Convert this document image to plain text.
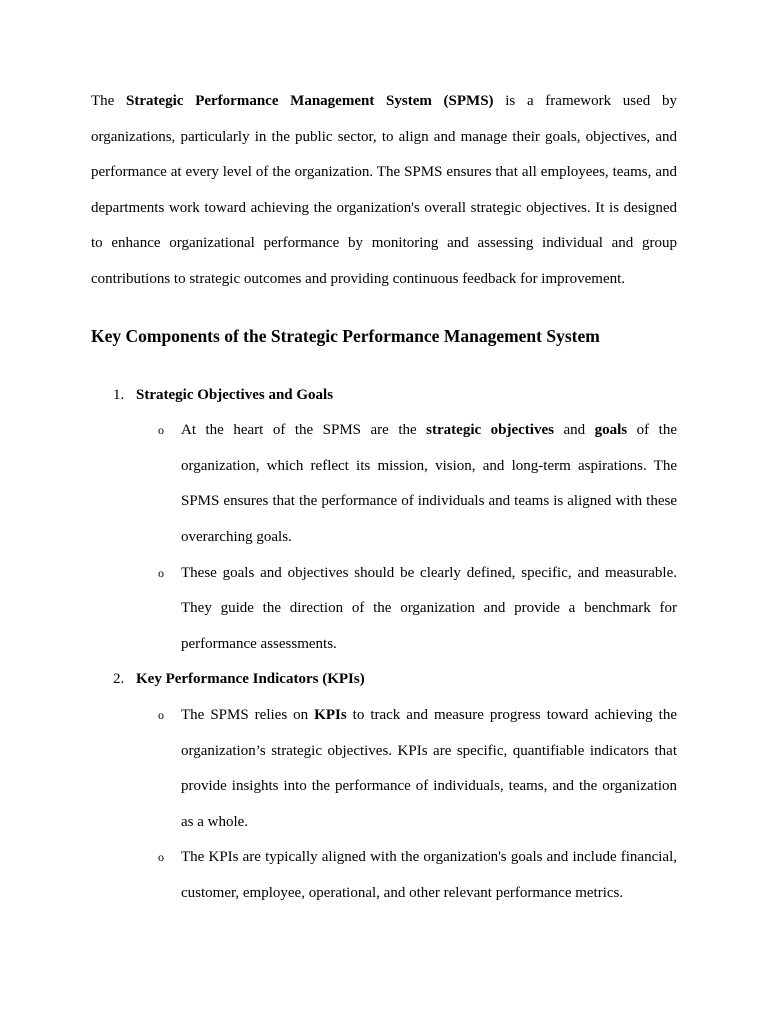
The Strategic Performance Management System (SPMS) is a framework used by organizations, particularly in the public sector, to align and manage their goals, objectives, and performance at every level of the organization. The SPMS ensures that all employees, teams, and departments work toward achieving the organization's overall strategic objectives. It is designed to enhance organizational performance by monitoring and assessing individual and group contributions to strategic outcomes and providing continuous feedback for improvement.

Key Components of the Strategic Performance Management System
1. Strategic Objectives and Goals
o At the heart of the SPMS are the strategic objectives and goals of the organization, which reflect its mission, vision, and long-term aspirations. The SPMS ensures that the performance of individuals and teams is aligned with these overarching goals.
o These goals and objectives should be clearly defined, specific, and measurable. They guide the direction of the organization and provide a benchmark for performance assessments.
2. Key Performance Indicators (KPIs)
o The SPMS relies on KPIs to track and measure progress toward achieving the organization’s strategic objectives. KPIs are specific, quantifiable indicators that provide insights into the performance of individuals, teams, and the organization as a whole.
o The KPIs are typically aligned with the organization's goals and include financial, customer, employee, operational, and other relevant performance metrics.
